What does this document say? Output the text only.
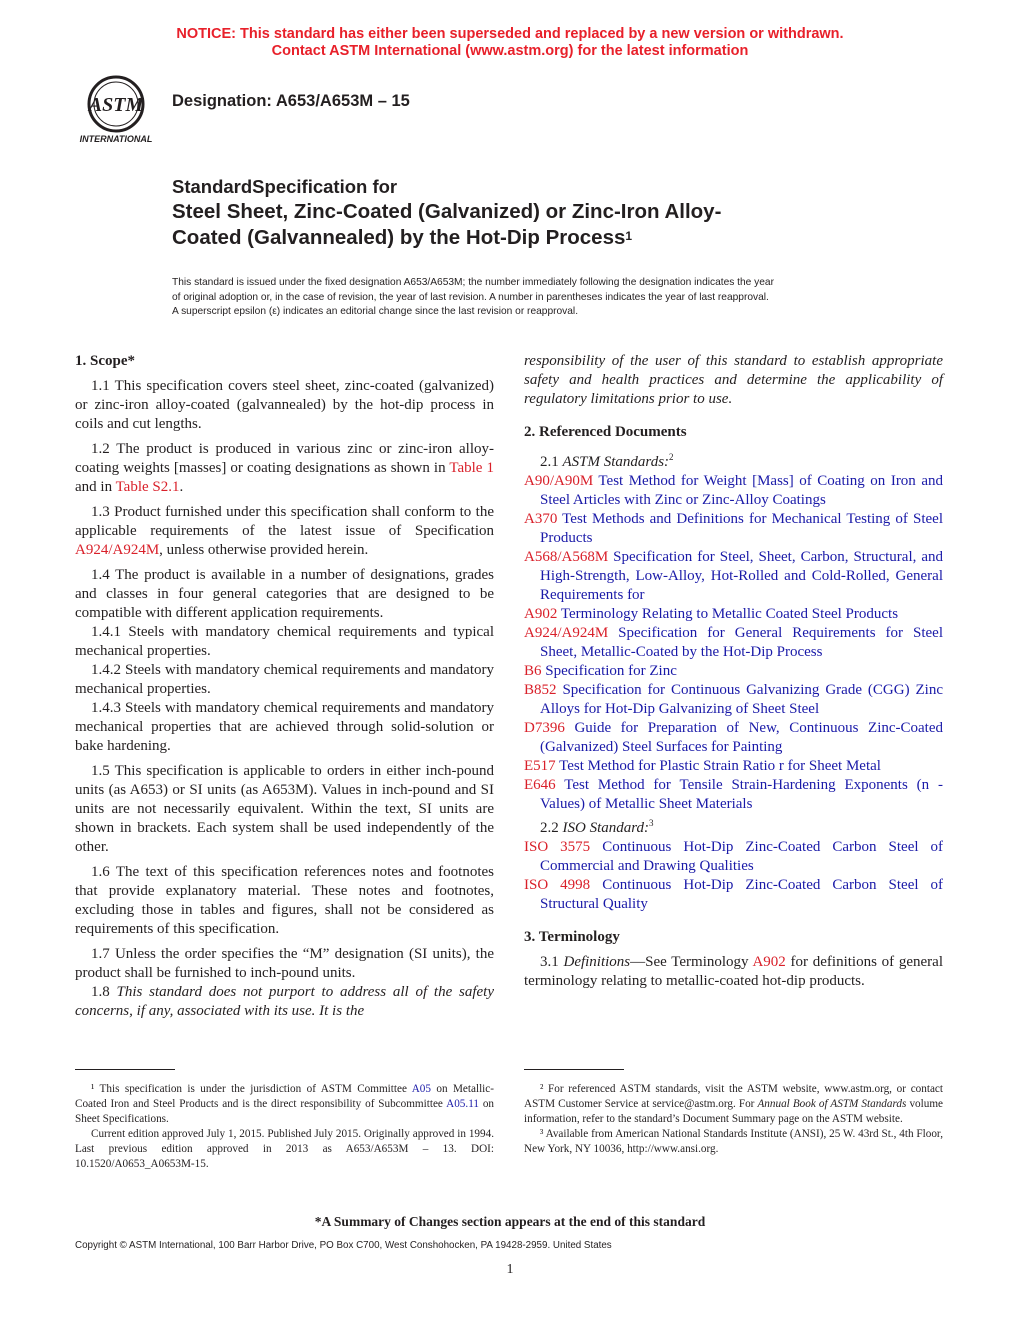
NOTICE: This standard has either been superseded and replaced by a new version or withdrawn.
Contact ASTM International (www.astm.org) for the latest information
ASTM
INTERNATIONAL
Designation: A653/A653M – 15
StandardSpecification for
Steel Sheet, Zinc-Coated (Galvanized) or Zinc-Iron Alloy-
Coated (Galvannealed) by the Hot-Dip Process$^1$
This standard is issued under the fixed designation A653/A653M; the number immediately following the designation indicates the year
of original adoption or, in the case of revision, the year of last revision. A number in parentheses indicates the year of last reapproval.
A superscript epsilon (ε) indicates an editorial change since the last revision or reapproval.

1. Scope*

1.1 This specification covers steel sheet, zinc-coated (galvanized) or zinc-iron alloy-coated (galvannealed) by the hot-dip process in coils and cut lengths.

1.2 The product is produced in various zinc or zinc-iron alloy-coating weights [masses] or coating designations as shown in Table 1 and in Table S2.1.

1.3 Product furnished under this specification shall conform to the applicable requirements of the latest issue of Specification A924/A924M, unless otherwise provided herein.

1.4 The product is available in a number of designations, grades and classes in four general categories that are designed to be compatible with different application requirements.

1.4.1 Steels with mandatory chemical requirements and typical mechanical properties.

1.4.2 Steels with mandatory chemical requirements and mandatory mechanical properties.

1.4.3 Steels with mandatory chemical requirements and mandatory mechanical properties that are achieved through solid-solution or bake hardening.

1.5 This specification is applicable to orders in either inch-pound units (as A653) or SI units (as A653M). Values in inch-pound and SI units are not necessarily equivalent. Within the text, SI units are shown in brackets. Each system shall be used independently of the other.

1.6 The text of this specification references notes and footnotes that provide explanatory material. These notes and footnotes, excluding those in tables and figures, shall not be considered as requirements of this specification.

1.7 Unless the order specifies the “M” designation (SI units), the product shall be furnished to inch-pound units.

1.8 This standard does not purport to address all of the safety concerns, if any, associated with its use. It is the

responsibility of the user of this standard to establish appropriate safety and health practices and determine the applicability of regulatory limitations prior to use.

2. Referenced Documents

2.1 ASTM Standards:$^2$

A90/A90M Test Method for Weight [Mass] of Coating on Iron and Steel Articles with Zinc or Zinc-Alloy Coatings

A370 Test Methods and Definitions for Mechanical Testing of Steel Products

A568/A568M Specification for Steel, Sheet, Carbon, Structural, and High-Strength, Low-Alloy, Hot-Rolled and Cold-Rolled, General Requirements for

A902 Terminology Relating to Metallic Coated Steel Products

A924/A924M Specification for General Requirements for Steel Sheet, Metallic-Coated by the Hot-Dip Process

B6 Specification for Zinc

B852 Specification for Continuous Galvanizing Grade (CGG) Zinc Alloys for Hot-Dip Galvanizing of Sheet Steel

D7396 Guide for Preparation of New, Continuous Zinc-Coated (Galvanized) Steel Surfaces for Painting

E517 Test Method for Plastic Strain Ratio r for Sheet Metal

E646 Test Method for Tensile Strain-Hardening Exponents (n -Values) of Metallic Sheet Materials

2.2 ISO Standard:$^3$

ISO 3575 Continuous Hot-Dip Zinc-Coated Carbon Steel of Commercial and Drawing Qualities

ISO 4998 Continuous Hot-Dip Zinc-Coated Carbon Steel of Structural Quality

3. Terminology

3.1 Definitions—See Terminology A902 for definitions of general terminology relating to metallic-coated hot-dip products.

¹ This specification is under the jurisdiction of ASTM Committee A05 on Metallic-Coated Iron and Steel Products and is the direct responsibility of Subcommittee A05.11 on Sheet Specifications.
Current edition approved July 1, 2015. Published July 2015. Originally approved in 1994. Last previous edition approved in 2013 as A653/A653M – 13. DOI: 10.1520/A0653_A0653M-15.
² For referenced ASTM standards, visit the ASTM website, www.astm.org, or contact ASTM Customer Service at service@astm.org. For Annual Book of ASTM Standards volume information, refer to the standard’s Document Summary page on the ASTM website.
³ Available from American National Standards Institute (ANSI), 25 W. 43rd St., 4th Floor, New York, NY 10036, http://www.ansi.org.
*A Summary of Changes section appears at the end of this standard
Copyright © ASTM International, 100 Barr Harbor Drive, PO Box C700, West Conshohocken, PA 19428-2959. United States
1
